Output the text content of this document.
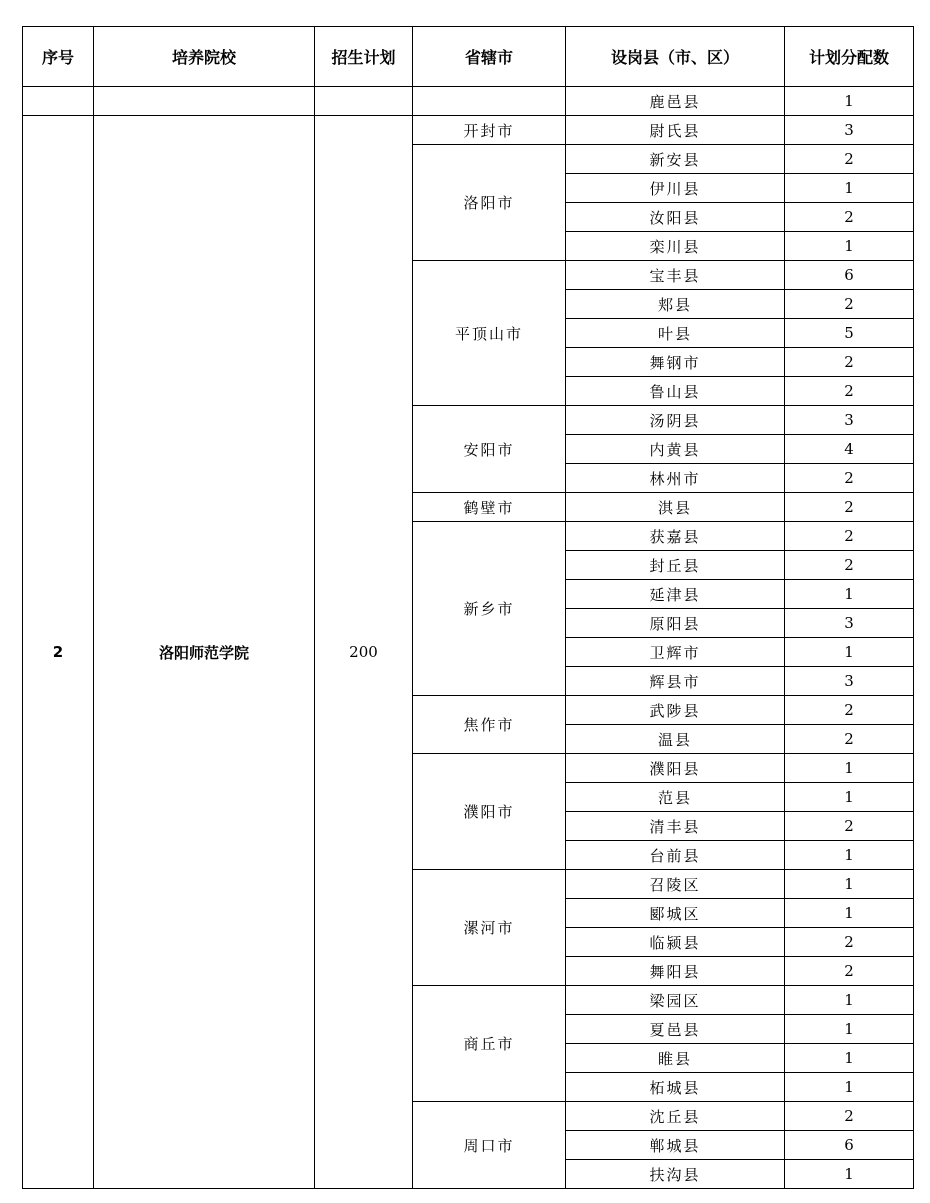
序号	培养院校	招生计划	省辖市	设岗县（市、区）	计划分配数
				鹿邑县	1
2	洛阳师范学院	200	开封市	尉氏县	3
			洛阳市	新安县	2
				伊川县	1
				汝阳县	2
				栾川县	1
			平顶山市	宝丰县	6
				郏县	2
				叶县	5
				舞钢市	2
				鲁山县	2
			安阳市	汤阴县	3
				内黄县	4
				林州市	2
			鹤壁市	淇县	2
			新乡市	获嘉县	2
				封丘县	2
				延津县	1
				原阳县	3
				卫辉市	1
				辉县市	3
			焦作市	武陟县	2
				温县	2
			濮阳市	濮阳县	1
				范县	1
				清丰县	2
				台前县	1
			漯河市	召陵区	1
				郾城区	1
				临颍县	2
				舞阳县	2
			商丘市	梁园区	1
				夏邑县	1
				睢县	1
				柘城县	1
			周口市	沈丘县	2
				郸城县	6
				扶沟县	1
